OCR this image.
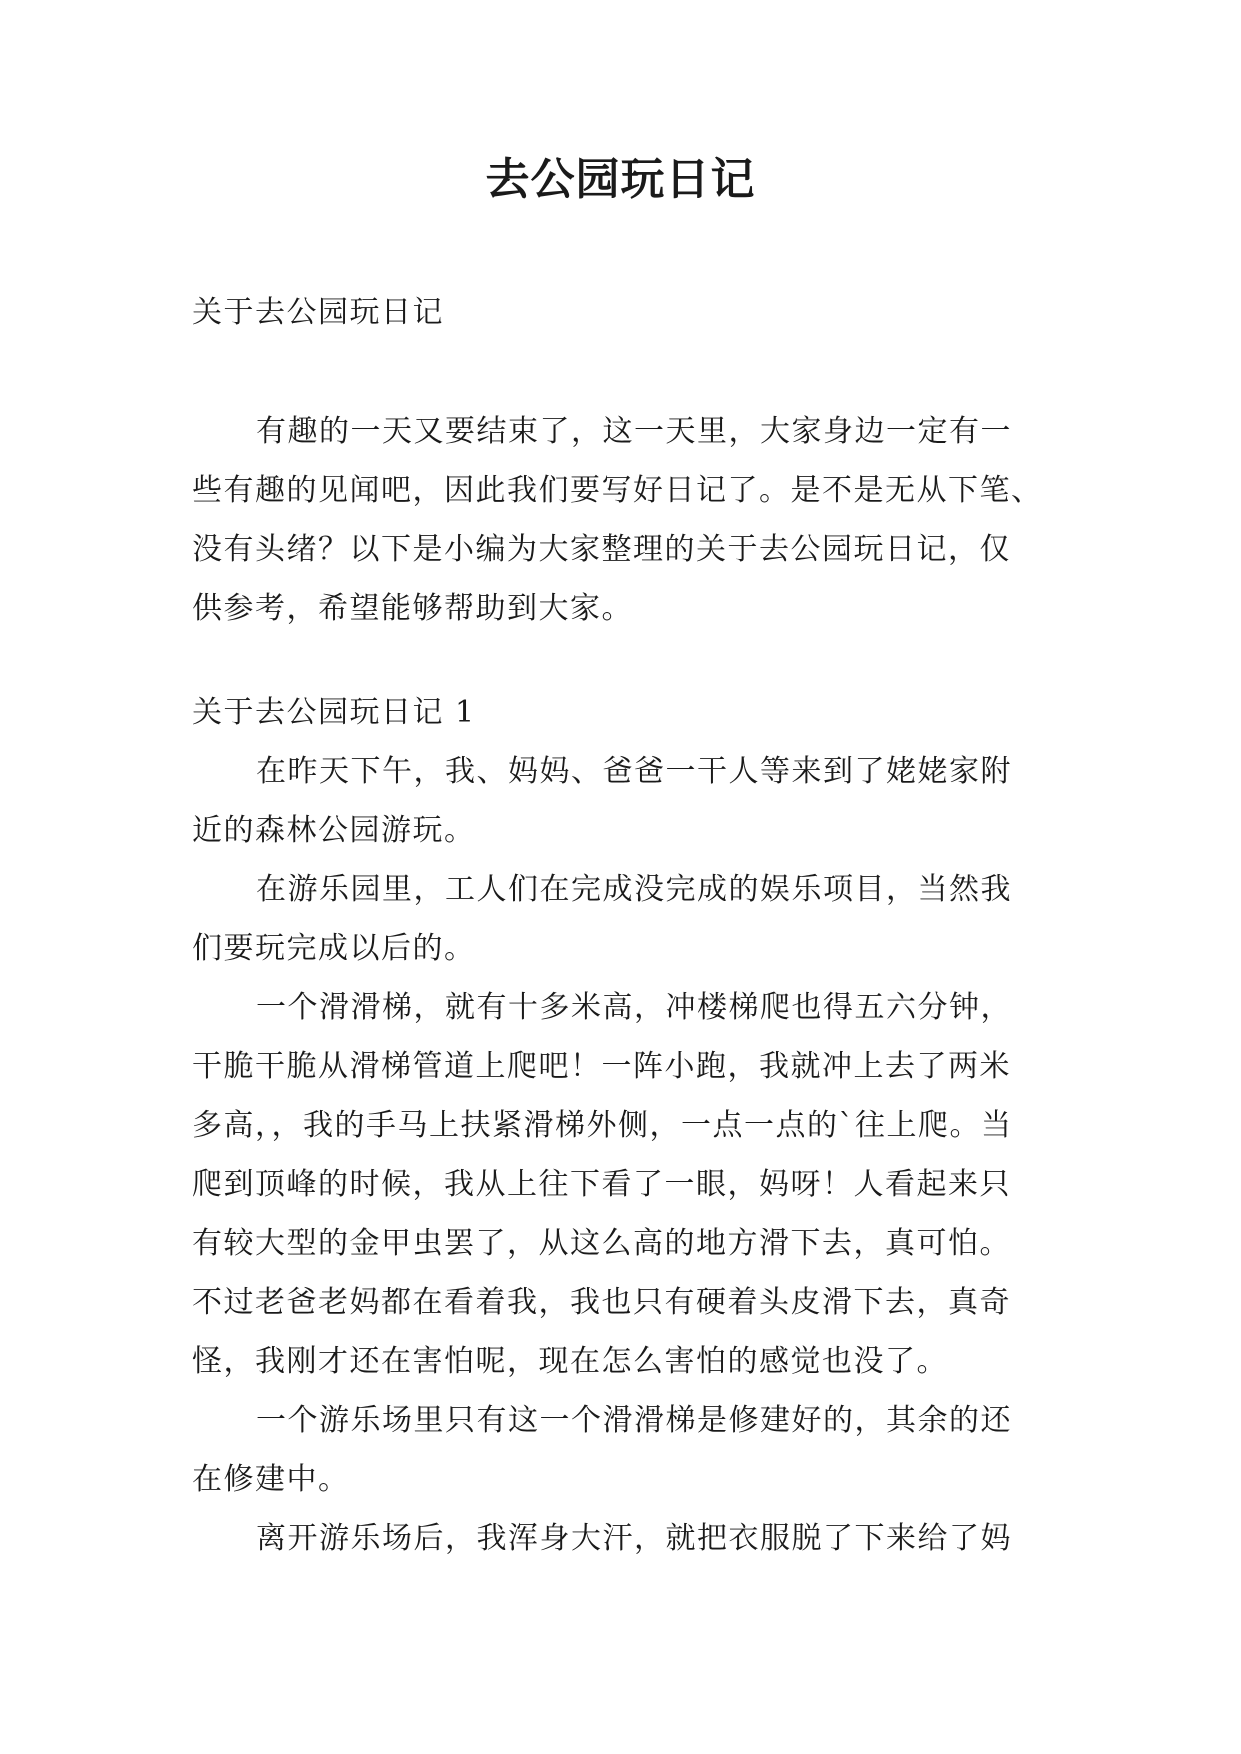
去公园玩日记
关于去公园玩日记
有趣的一天又要结束了，这一天里，大家身边一定有一
些有趣的见闻吧，因此我们要写好日记了。是不是无从下笔、
没有头绪？以下是小编为大家整理的关于去公园玩日记，仅
供参考，希望能够帮助到大家。
关于去公园玩日记 1
在昨天下午，我、妈妈、爸爸一干人等来到了姥姥家附
近的森林公园游玩。
在游乐园里，工人们在完成没完成的娱乐项目，当然我
们要玩完成以后的。
一个滑滑梯，就有十多米高，冲楼梯爬也得五六分钟，
干脆干脆从滑梯管道上爬吧！一阵小跑，我就冲上去了两米
多高，，我的手马上扶紧滑梯外侧，一点一点的`往上爬。当
爬到顶峰的时候，我从上往下看了一眼，妈呀！人看起来只
有较大型的金甲虫罢了，从这么高的地方滑下去，真可怕。
不过老爸老妈都在看着我，我也只有硬着头皮滑下去，真奇
怪，我刚才还在害怕呢，现在怎么害怕的感觉也没了。
一个游乐场里只有这一个滑滑梯是修建好的，其余的还
在修建中。
离开游乐场后，我浑身大汗，就把衣服脱了下来给了妈
